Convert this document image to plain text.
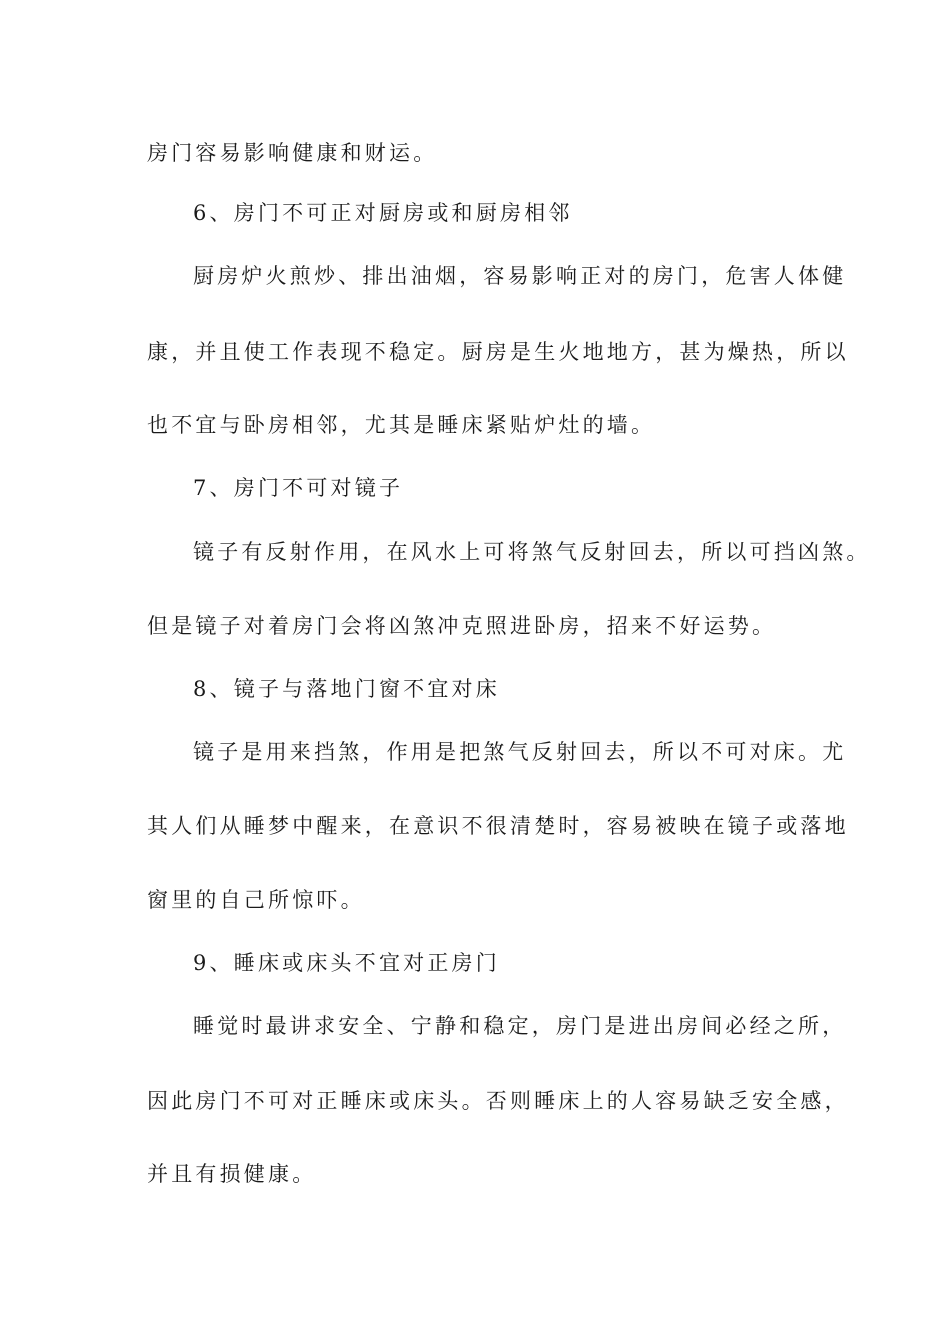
房门容易影响健康和财运。
6、房门不可正对厨房或和厨房相邻
厨房炉火煎炒、排出油烟，容易影响正对的房门，危害人体健
康，并且使工作表现不稳定。厨房是生火地地方，甚为燥热，所以
也不宜与卧房相邻，尤其是睡床紧贴炉灶的墙。
7、房门不可对镜子
镜子有反射作用，在风水上可将煞气反射回去，所以可挡凶煞。
但是镜子对着房门会将凶煞冲克照进卧房，招来不好运势。
8、镜子与落地门窗不宜对床
镜子是用来挡煞，作用是把煞气反射回去，所以不可对床。尤
其人们从睡梦中醒来，在意识不很清楚时，容易被映在镜子或落地
窗里的自己所惊吓。
9、睡床或床头不宜对正房门
睡觉时最讲求安全、宁静和稳定，房门是进出房间必经之所，
因此房门不可对正睡床或床头。否则睡床上的人容易缺乏安全感，
并且有损健康。
